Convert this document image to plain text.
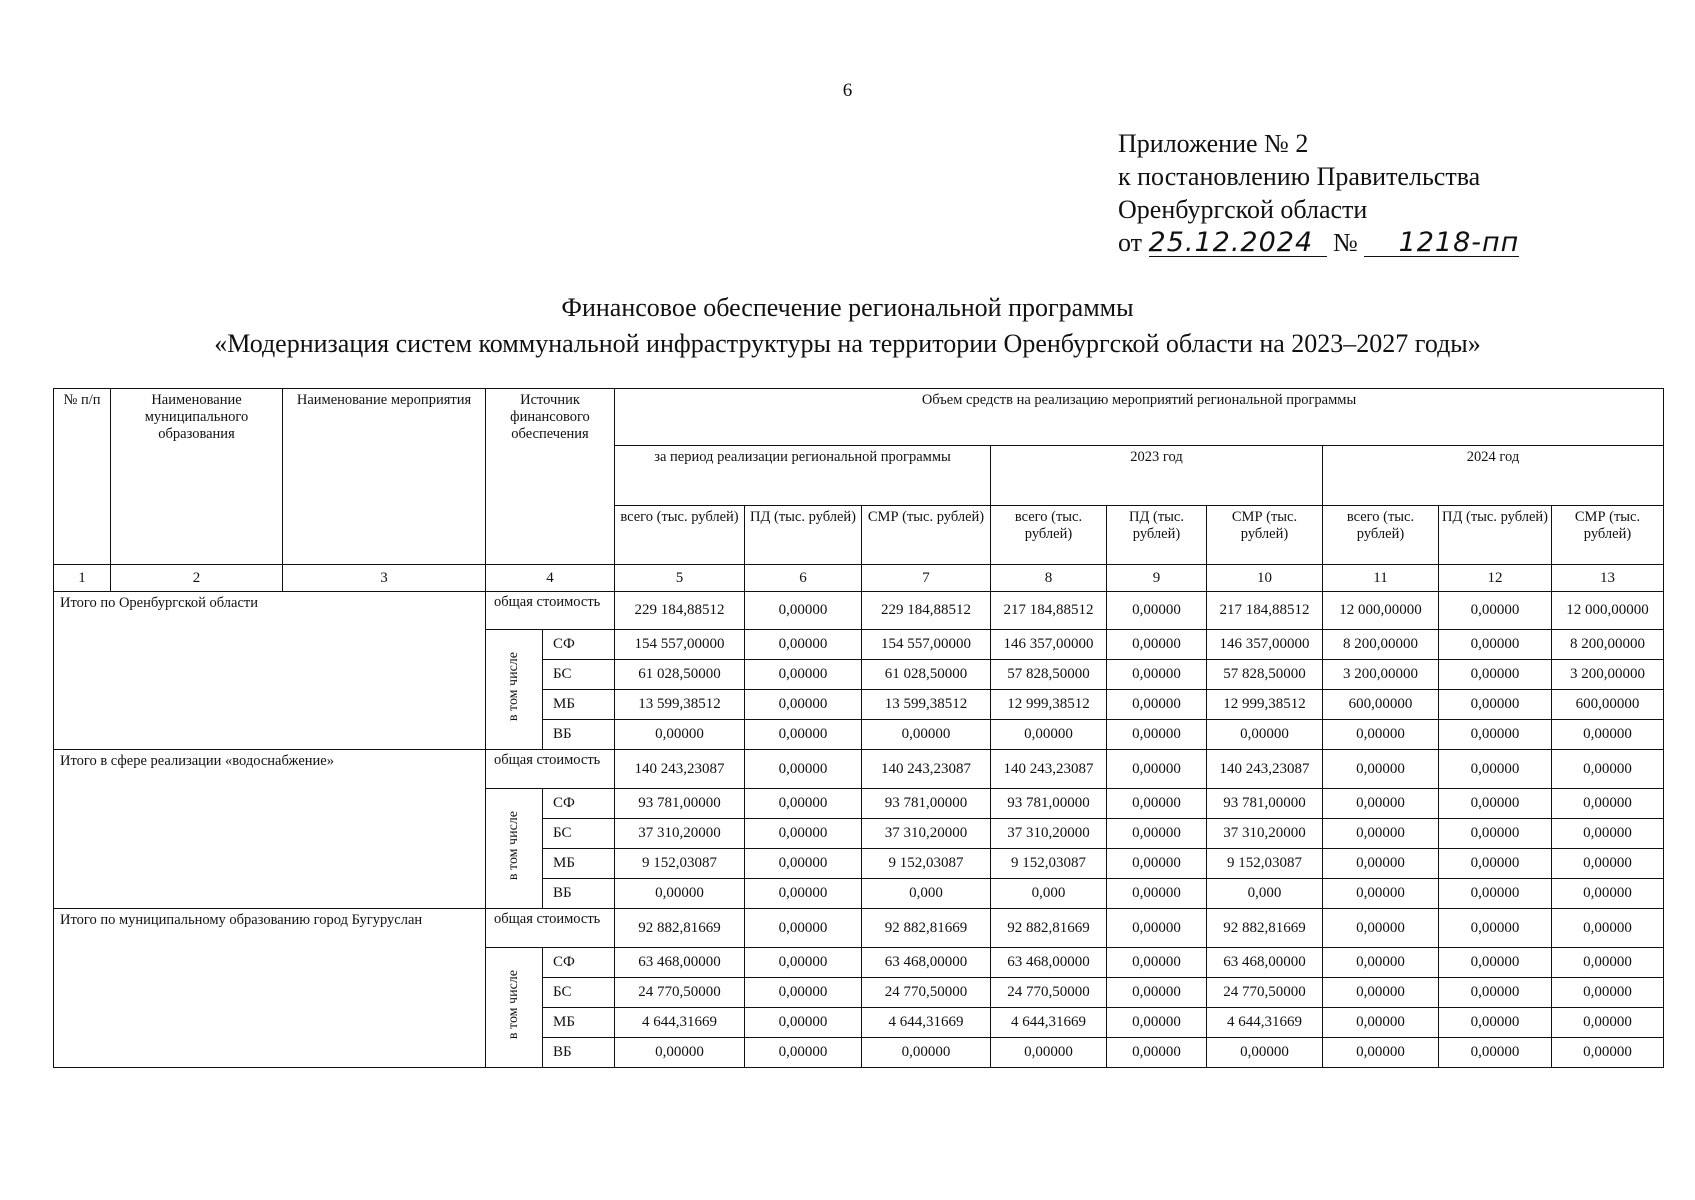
6
Приложение № 2
к постановлению Правительства
Оренбургской области
от 25.12.2024 № 1218-пп
Финансовое обеспечение региональной программы
«Модернизация систем коммунальной инфраструктуры на территории Оренбургской области на 2023–2027 годы»
№ п/п	Наименование муниципального образования	Наименование мероприятия	Источник финансового обеспечения		Объем средств на реализацию мероприятий региональной программы								
					за период реализации региональной программы			2023 год			2024 год		
					всего (тыс. рублей)	ПД (тыс. рублей)	СМР (тыс. рублей)	всего (тыс. рублей)	ПД (тыс. рублей)	СМР (тыс. рублей)	всего (тыс. рублей)	ПД (тыс. рублей)	СМР (тыс. рублей)
1	2	3	4		5	6	7	8	9	10	11	12	13
Итого по Оренбургской области			общая стоимость		229 184,88512	0,00000	229 184,88512	217 184,88512	0,00000	217 184,88512	12 000,00000	0,00000	12 000,00000
			в том числе	СФ	154 557,00000	0,00000	154 557,00000	146 357,00000	0,00000	146 357,00000	8 200,00000	0,00000	8 200,00000
				БС	61 028,50000	0,00000	61 028,50000	57 828,50000	0,00000	57 828,50000	3 200,00000	0,00000	3 200,00000
				МБ	13 599,38512	0,00000	13 599,38512	12 999,38512	0,00000	12 999,38512	600,00000	0,00000	600,00000
				ВБ	0,00000	0,00000	0,00000	0,00000	0,00000	0,00000	0,00000	0,00000	0,00000
Итого в сфере реализации «водоснабжение»			общая стоимость		140 243,23087	0,00000	140 243,23087	140 243,23087	0,00000	140 243,23087	0,00000	0,00000	0,00000
			в том числе	СФ	93 781,00000	0,00000	93 781,00000	93 781,00000	0,00000	93 781,00000	0,00000	0,00000	0,00000
				БС	37 310,20000	0,00000	37 310,20000	37 310,20000	0,00000	37 310,20000	0,00000	0,00000	0,00000
				МБ	9 152,03087	0,00000	9 152,03087	9 152,03087	0,00000	9 152,03087	0,00000	0,00000	0,00000
				ВБ	0,00000	0,00000	0,000	0,000	0,00000	0,000	0,00000	0,00000	0,00000
Итого по муниципальному образованию город Бугуруслан			общая стоимость		92 882,81669	0,00000	92 882,81669	92 882,81669	0,00000	92 882,81669	0,00000	0,00000	0,00000
			в том числе	СФ	63 468,00000	0,00000	63 468,00000	63 468,00000	0,00000	63 468,00000	0,00000	0,00000	0,00000
				БС	24 770,50000	0,00000	24 770,50000	24 770,50000	0,00000	24 770,50000	0,00000	0,00000	0,00000
				МБ	4 644,31669	0,00000	4 644,31669	4 644,31669	0,00000	4 644,31669	0,00000	0,00000	0,00000
				ВБ	0,00000	0,00000	0,00000	0,00000	0,00000	0,00000	0,00000	0,00000	0,00000
